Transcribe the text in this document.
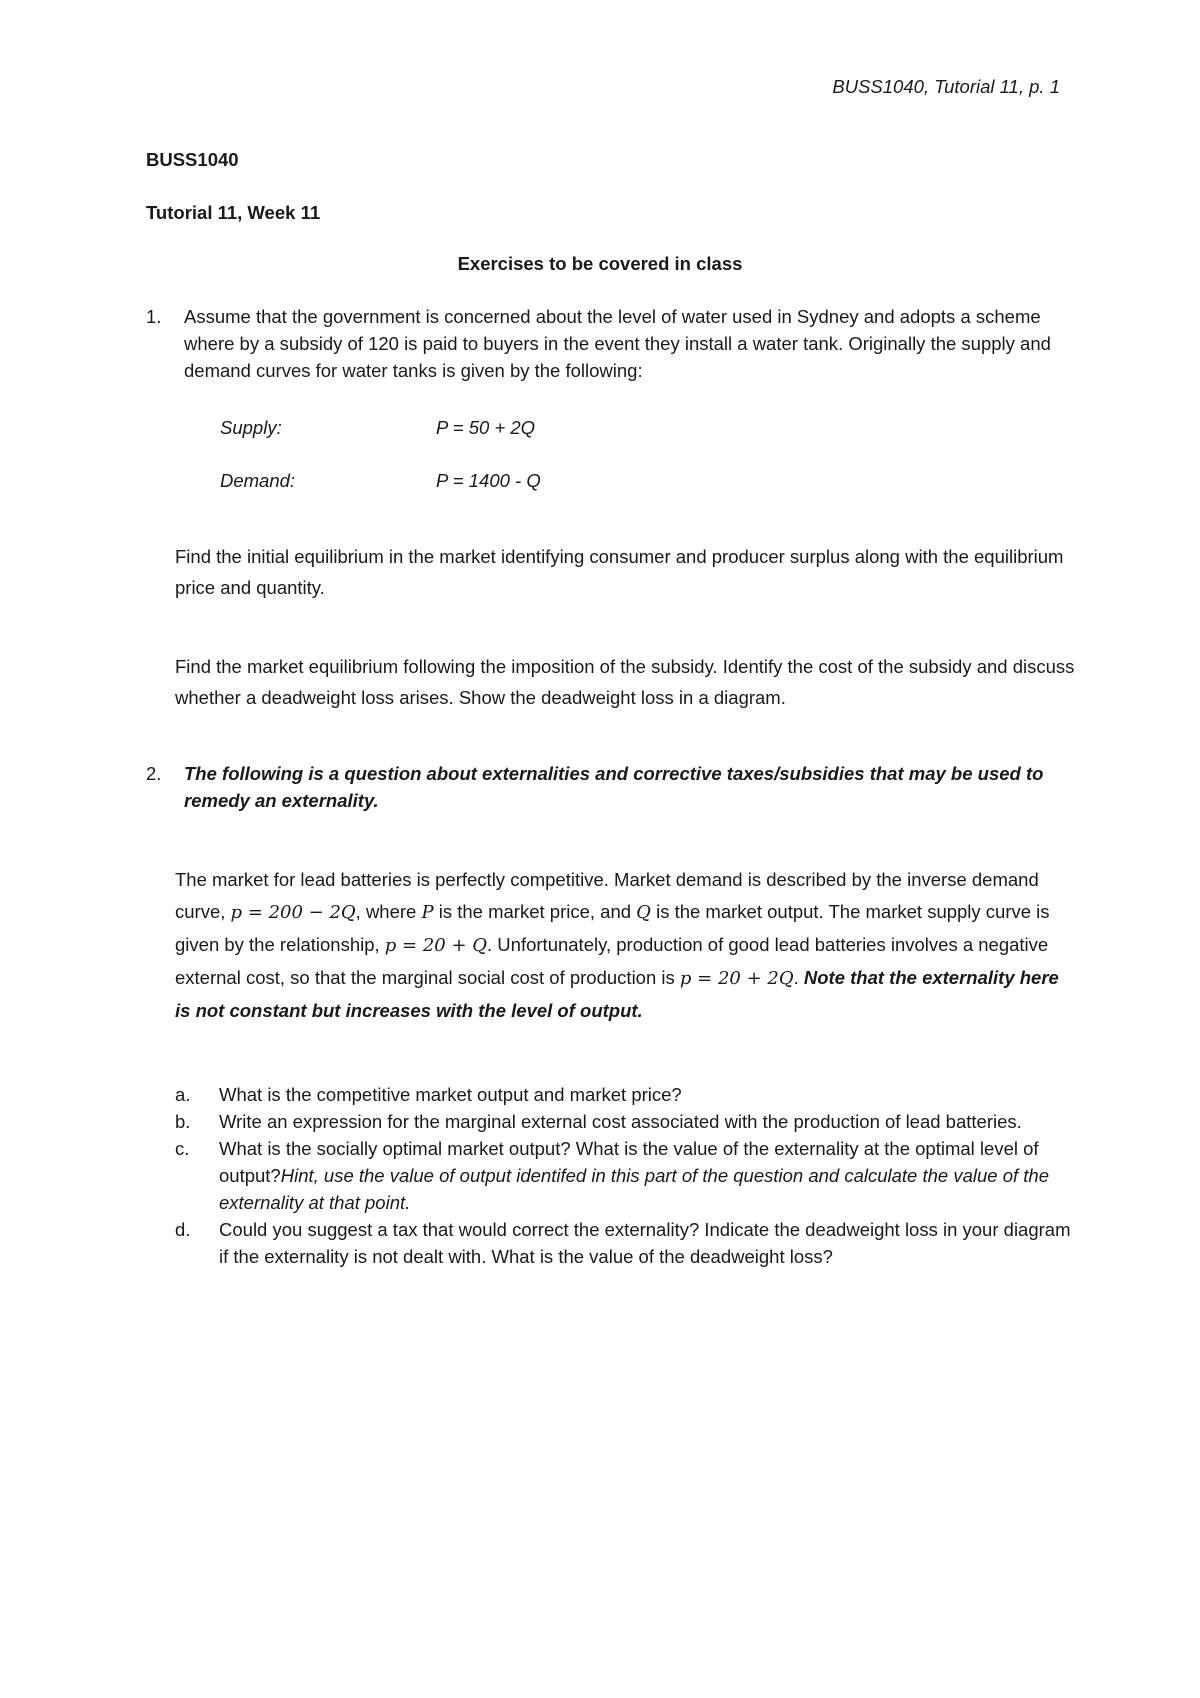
BUSS1040, Tutorial 11, p. 1
BUSS1040
Tutorial 11, Week 11
Exercises to be covered in class
1.	Assume that the government is concerned about the level of water used in Sydney and adopts a scheme where by a subsidy of 120 is paid to buyers in the event they install a water tank. Originally the supply and demand curves for water tanks is given by the following:
Supply:	P = 50 + 2Q
Demand:	P = 1400 - Q
Find the initial equilibrium in the market identifying consumer and producer surplus along with the equilibrium price and quantity.
Find the market equilibrium following the imposition of the subsidy. Identify the cost of the subsidy and discuss whether a deadweight loss arises. Show the deadweight loss in a diagram.
2.	The following is a question about externalities and corrective taxes/subsidies that may be used to remedy an externality.
The market for lead batteries is perfectly competitive. Market demand is described by the inverse demand curve, p = 200 − 2Q, where P is the market price, and Q is the market output. The market supply curve is given by the relationship, p = 20 + Q. Unfortunately, production of good lead batteries involves a negative external cost, so that the marginal social cost of production is p = 20 + 2Q. Note that the externality here is not constant but increases with the level of output.
a. What is the competitive market output and market price?
b. Write an expression for the marginal external cost associated with the production of lead batteries.
c. What is the socially optimal market output? What is the value of the externality at the optimal level of output?Hint, use the value of output identifed in this part of the question and calculate the value of the externality at that point.
d. Could you suggest a tax that would correct the externality? Indicate the deadweight loss in your diagram if the externality is not dealt with. What is the value of the deadweight loss?
